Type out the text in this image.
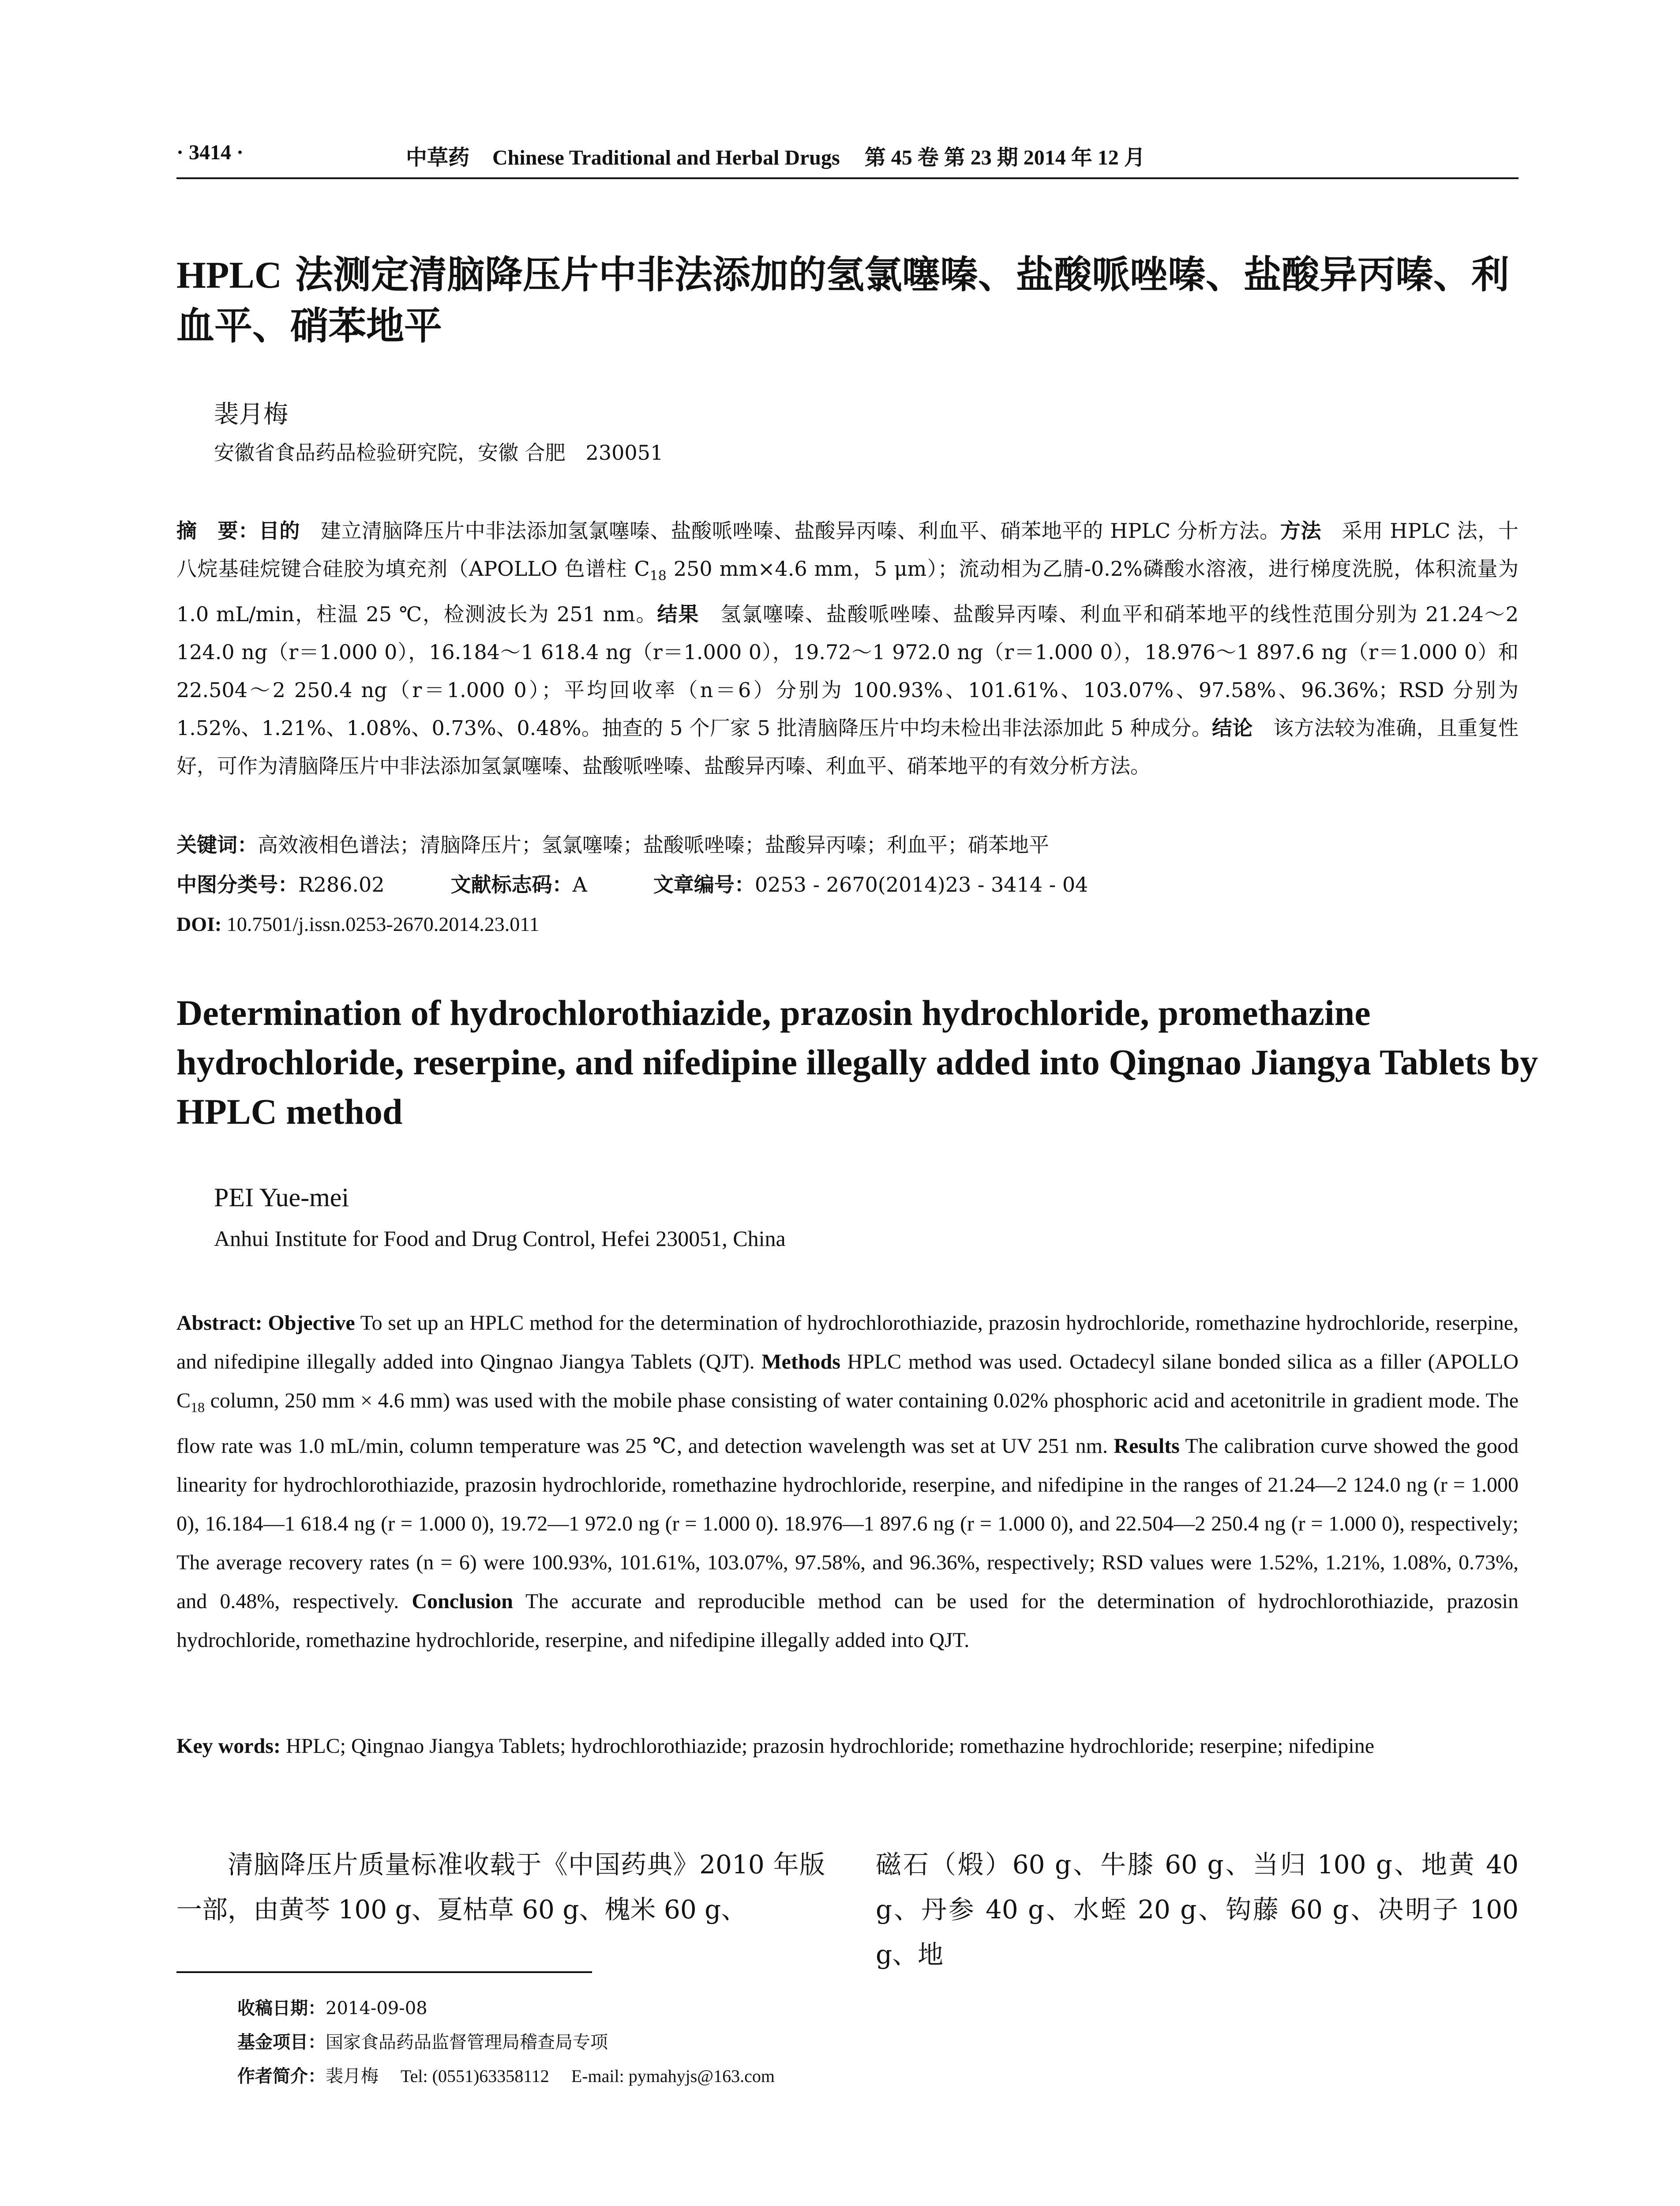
· 3414 ·	中草药 Chinese Traditional and Herbal Drugs 第 45 卷 第 23 期 2014 年 12 月
HPLC 法测定清脑降压片中非法添加的氢氯噻嗪、盐酸哌唑嗪、盐酸异丙嗪、利血平、硝苯地平
裴月梅
安徽省食品药品检验研究院，安徽 合肥　230051
摘　要：目的　建立清脑降压片中非法添加氢氯噻嗪、盐酸哌唑嗪、盐酸异丙嗪、利血平、硝苯地平的 HPLC 分析方法。方法　采用 HPLC 法，十八烷基硅烷键合硅胶为填充剂（APOLLO 色谱柱 $C_{18}$ 250 mm×4.6 mm，5 μm）；流动相为乙腈-0.2%磷酸水溶液，进行梯度洗脱，体积流量为 1.0 mL/min，柱温 25 ℃，检测波长为 251 nm。结果　氢氯噻嗪、盐酸哌唑嗪、盐酸异丙嗪、利血平和硝苯地平的线性范围分别为 21.24～2 124.0 ng（r＝1.000 0），16.184～1 618.4 ng（r＝1.000 0），19.72～1 972.0 ng（r＝1.000 0），18.976～1 897.6 ng（r＝1.000 0）和 22.504～2 250.4 ng（r＝1.000 0）；平均回收率（n＝6）分别为 100.93%、101.61%、103.07%、97.58%、96.36%；RSD 分别为 1.52%、1.21%、1.08%、0.73%、0.48%。抽查的 5 个厂家 5 批清脑降压片中均未检出非法添加此 5 种成分。结论　该方法较为准确，且重复性好，可作为清脑降压片中非法添加氢氯噻嗪、盐酸哌唑嗪、盐酸异丙嗪、利血平、硝苯地平的有效分析方法。
关键词：高效液相色谱法；清脑降压片；氢氯噻嗪；盐酸哌唑嗪；盐酸异丙嗪；利血平；硝苯地平
中图分类号：R286.02	文献标志码：A	文章编号：0253 - 2670(2014)23 - 3414 - 04
DOI: 10.7501/j.issn.0253-2670.2014.23.011
Determination of hydrochlorothiazide, prazosin hydrochloride, promethazine hydrochloride, reserpine, and nifedipine illegally added into Qingnao Jiangya Tablets by HPLC method
PEI Yue-mei
Anhui Institute for Food and Drug Control, Hefei 230051, China
Abstract: Objective To set up an HPLC method for the determination of hydrochlorothiazide, prazosin hydrochloride, romethazine hydrochloride, reserpine, and nifedipine illegally added into Qingnao Jiangya Tablets (QJT). Methods HPLC method was used. Octadecyl silane bonded silica as a filler (APOLLO $C_{18}$ column, 250 mm × 4.6 mm) was used with the mobile phase consisting of water containing 0.02% phosphoric acid and acetonitrile in gradient mode. The flow rate was 1.0 mL/min, column temperature was 25 ℃, and detection wavelength was set at UV 251 nm. Results The calibration curve showed the good linearity for hydrochlorothiazide, prazosin hydrochloride, romethazine hydrochloride, reserpine, and nifedipine in the ranges of 21.24—2 124.0 ng (r = 1.000 0), 16.184—1 618.4 ng (r = 1.000 0), 19.72—1 972.0 ng (r = 1.000 0). 18.976—1 897.6 ng (r = 1.000 0), and 22.504—2 250.4 ng (r = 1.000 0), respectively; The average recovery rates (n = 6) were 100.93%, 101.61%, 103.07%, 97.58%, and 96.36%, respectively; RSD values were 1.52%, 1.21%, 1.08%, 0.73%, and 0.48%, respectively. Conclusion The accurate and reproducible method can be used for the determination of hydrochlorothiazide, prazosin hydrochloride, romethazine hydrochloride, reserpine, and nifedipine illegally added into QJT.
Key words: HPLC; Qingnao Jiangya Tablets; hydrochlorothiazide; prazosin hydrochloride; romethazine hydrochloride; reserpine; nifedipine
清脑降压片质量标准收载于《中国药典》2010 年版一部，由黄芩 100 g、夏枯草 60 g、槐米 60 g、
磁石（煅）60 g、牛膝 60 g、当归 100 g、地黄 40 g、丹参 40 g、水蛭 20 g、钩藤 60 g、决明子 100 g、地
收稿日期：2014-09-08
基金项目：国家食品药品监督管理局稽查局专项
作者简介：裴月梅 Tel: (0551)63358112 E-mail: pymahyjs@163.com
